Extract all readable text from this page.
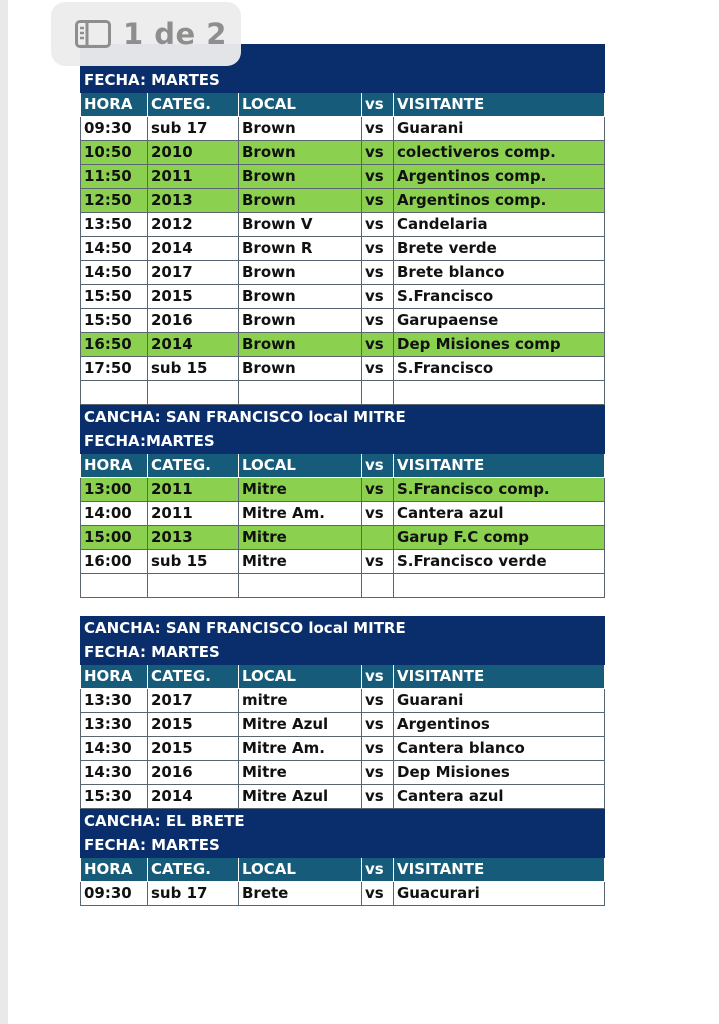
1 de 2

FECHA: MARTES				
HORA	CATEG.	LOCAL	vs	VISITANTE
09:30	sub 17	Brown	vs	Guarani
10:50	2010	Brown	vs	colectiveros comp.
11:50	2011	Brown	vs	Argentinos comp.
12:50	2013	Brown	vs	Argentinos comp.
13:50	2012	Brown V	vs	Candelaria
14:50	2014	Brown R	vs	Brete verde
14:50	2017	Brown	vs	Brete blanco
15:50	2015	Brown	vs	S.Francisco
15:50	2016	Brown	vs	Garupaense
16:50	2014	Brown	vs	Dep Misiones comp
17:50	sub 15	Brown	vs	S.Francisco

CANCHA: SAN FRANCISCO local MITRE				
FECHA:MARTES				
HORA	CATEG.	LOCAL	vs	VISITANTE
13:00	2011	Mitre	vs	S.Francisco comp.
14:00	2011	Mitre Am.	vs	Cantera azul
15:00	2013	Mitre		Garup F.C comp
16:00	sub 15	Mitre	vs	S.Francisco verde

CANCHA: SAN FRANCISCO local MITRE				
FECHA: MARTES				
HORA	CATEG.	LOCAL	vs	VISITANTE
13:30	2017	mitre	vs	Guarani
13:30	2015	Mitre Azul	vs	Argentinos
14:30	2015	Mitre Am.	vs	Cantera blanco
14:30	2016	Mitre	vs	Dep Misiones
15:30	2014	Mitre Azul	vs	Cantera azul
CANCHA: EL BRETE				
FECHA: MARTES				
HORA	CATEG.	LOCAL	vs	VISITANTE
09:30	sub 17	Brete	vs	Guacurari
